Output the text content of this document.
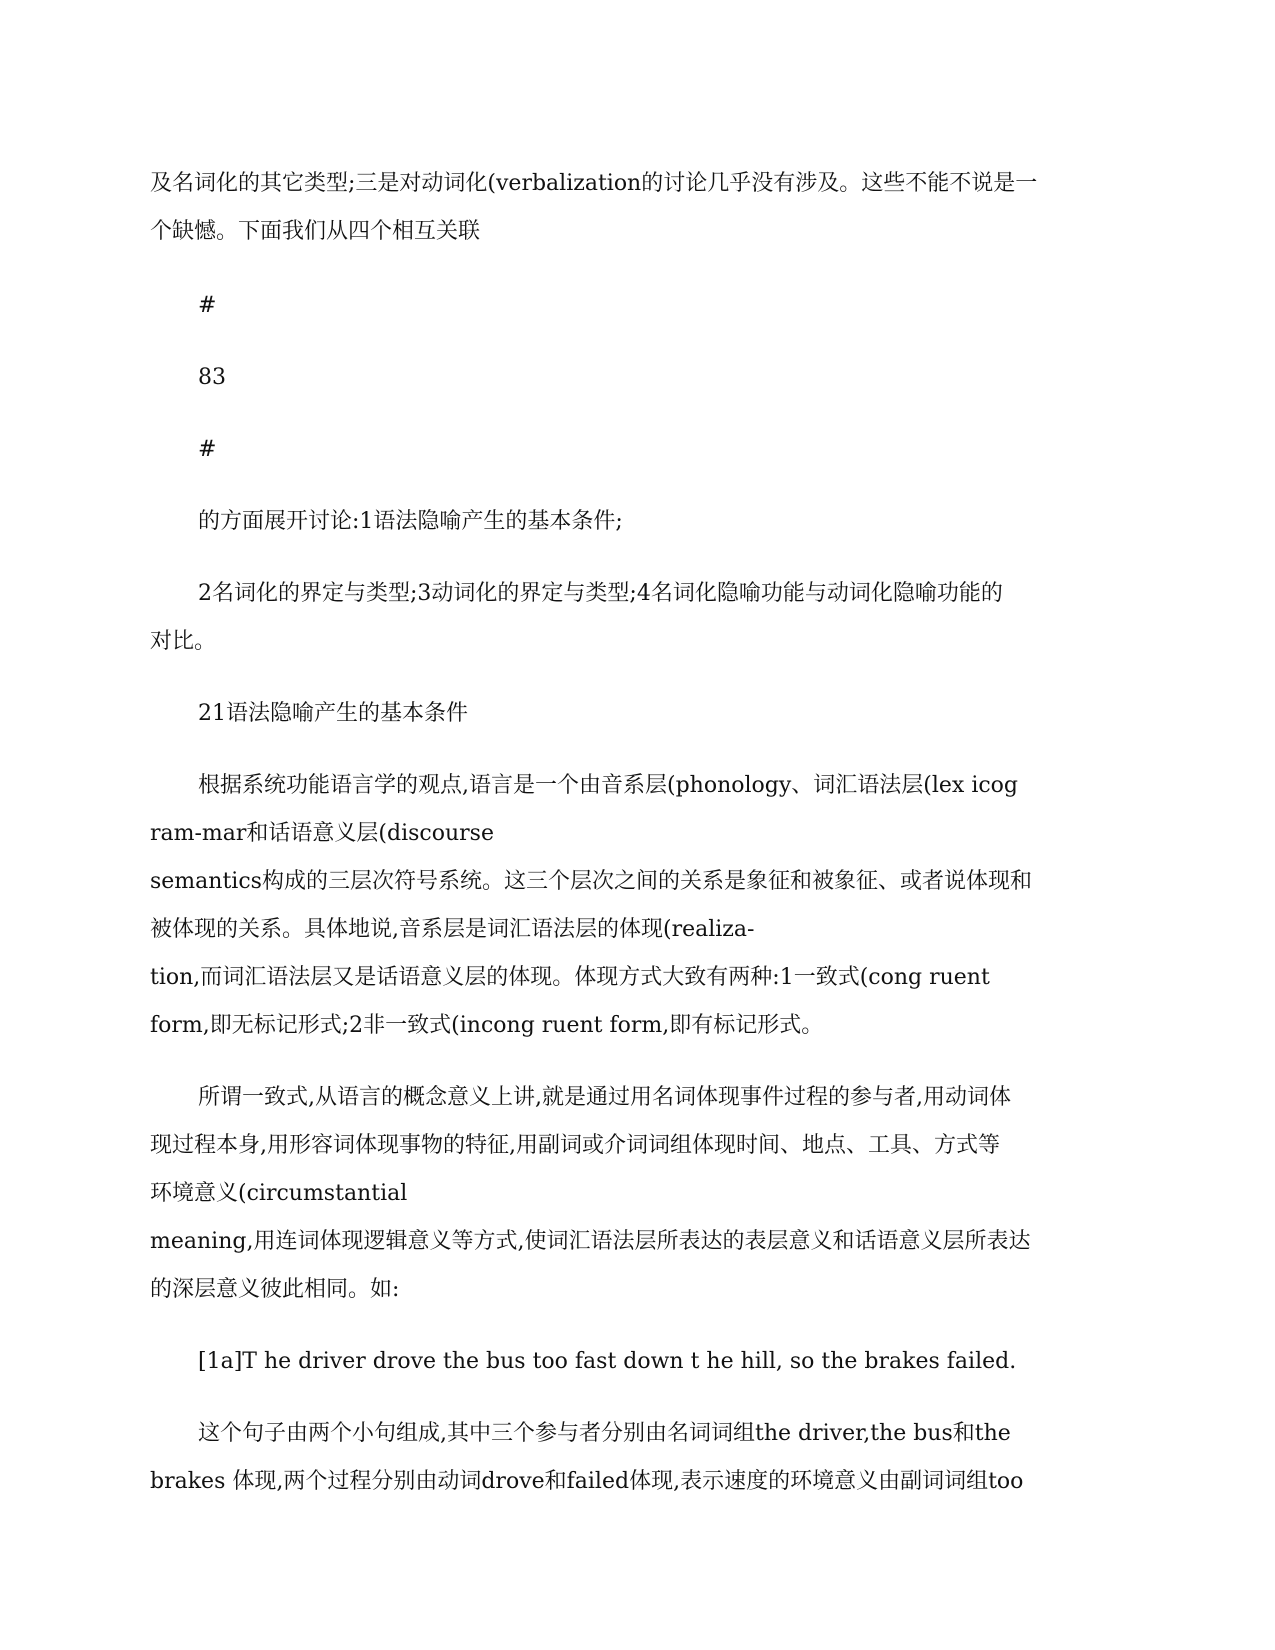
及名词化的其它类型;三是对动词化(verbalization的讨论几乎没有涉及。这些不能不说是一
个缺憾。下面我们从四个相互关联

#

83

#

的方面展开讨论:1语法隐喻产生的基本条件;

2名词化的界定与类型;3动词化的界定与类型;4名词化隐喻功能与动词化隐喻功能的
对比。

21语法隐喻产生的基本条件

根据系统功能语言学的观点,语言是一个由音系层(phonology、词汇语法层(lex icog
ram-mar和话语意义层(discourse
semantics构成的三层次符号系统。这三个层次之间的关系是象征和被象征、或者说体现和
被体现的关系。具体地说,音系层是词汇语法层的体现(realiza-
tion,而词汇语法层又是话语意义层的体现。体现方式大致有两种:1一致式(cong ruent
form,即无标记形式;2非一致式(incong ruent form,即有标记形式。

所谓一致式,从语言的概念意义上讲,就是通过用名词体现事件过程的参与者,用动词体
现过程本身,用形容词体现事物的特征,用副词或介词词组体现时间、地点、工具、方式等
环境意义(circumstantial
meaning,用连词体现逻辑意义等方式,使词汇语法层所表达的表层意义和话语意义层所表达
的深层意义彼此相同。如:

[1a]T he driver drove the bus too fast down t he hill, so the brakes failed.

这个句子由两个小句组成,其中三个参与者分别由名词词组the driver,the bus和the
brakes 体现,两个过程分别由动词drove和failed体现,表示速度的环境意义由副词词组too
